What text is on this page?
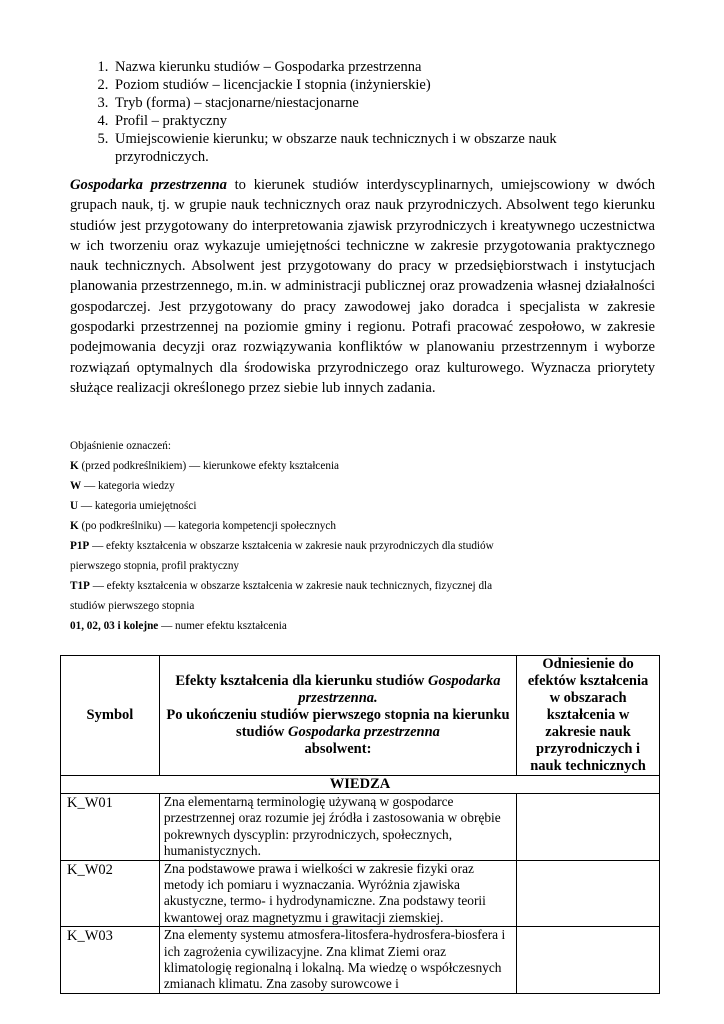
1. Nazwa kierunku studiów – Gospodarka przestrzenna
2. Poziom studiów – licencjackie I stopnia (inżynierskie)
3. Tryb (forma) – stacjonarne/niestacjonarne
4. Profil – praktyczny
5. Umiejscowienie kierunku; w obszarze nauk technicznych i w obszarze nauk przyrodniczych.

Gospodarka przestrzenna to kierunek studiów interdyscyplinarnych, umiejscowiony w dwóch grupach nauk, tj. w grupie nauk technicznych oraz nauk przyrodniczych. Absolwent tego kierunku studiów jest przygotowany do interpretowania zjawisk przyrodniczych i kreatywnego uczestnictwa w ich tworzeniu oraz wykazuje umiejętności techniczne w zakresie przygotowania praktycznego nauk technicznych. Absolwent jest przygotowany do pracy w przedsiębiorstwach i instytucjach planowania przestrzennego, m.in. w administracji publicznej oraz prowadzenia własnej działalności gospodarczej. Jest przygotowany do pracy zawodowej jako doradca i specjalista w zakresie gospodarki przestrzennej na poziomie gminy i regionu. Potrafi pracować zespołowo, w zakresie podejmowania decyzji oraz rozwiązywania konfliktów w planowaniu przestrzennym i wyborze rozwiązań optymalnych dla środowiska przyrodniczego oraz kulturowego. Wyznacza priorytety służące realizacji określonego przez siebie lub innych zadania.

Objaśnienie oznaczeń:

K (przed podkreślnikiem) — kierunkowe efekty kształcenia

W — kategoria wiedzy

U — kategoria umiejętności

K (po podkreślniku) — kategoria kompetencji społecznych

P1P — efekty kształcenia w obszarze kształcenia w zakresie nauk przyrodniczych dla studiów

pierwszego stopnia, profil praktyczny

T1P — efekty kształcenia w obszarze kształcenia w zakresie nauk technicznych, fizycznej dla

studiów pierwszego stopnia

01, 02, 03 i kolejne — numer efektu kształcenia

Symbol	Efekty kształcenia dla kierunku studiów Gospodarka przestrzenna.
Po ukończeniu studiów pierwszego stopnia na kierunku studiów Gospodarka przestrzenna
absolwent:	Odniesienie do efektów kształcenia w obszarach kształcenia w zakresie nauk przyrodniczych i nauk technicznych
WIEDZA		
K_W01	Zna elementarną terminologię używaną w gospodarce przestrzennej oraz rozumie jej źródła i zastosowania w obrębie pokrewnych dyscyplin: przyrodniczych, społecznych, humanistycznych.	
K_W02	Zna podstawowe prawa i wielkości w zakresie fizyki oraz metody ich pomiaru i wyznaczania. Wyróżnia zjawiska akustyczne, termo- i hydrodynamiczne. Zna podstawy teorii kwantowej oraz magnetyzmu i grawitacji ziemskiej.	
K_W03	Zna elementy systemu atmosfera-litosfera-hydrosfera-biosfera i ich zagrożenia cywilizacyjne. Zna klimat Ziemi oraz klimatologię regionalną i lokalną. Ma wiedzę o współczesnych zmianach klimatu. Zna zasoby surowcowe i	
